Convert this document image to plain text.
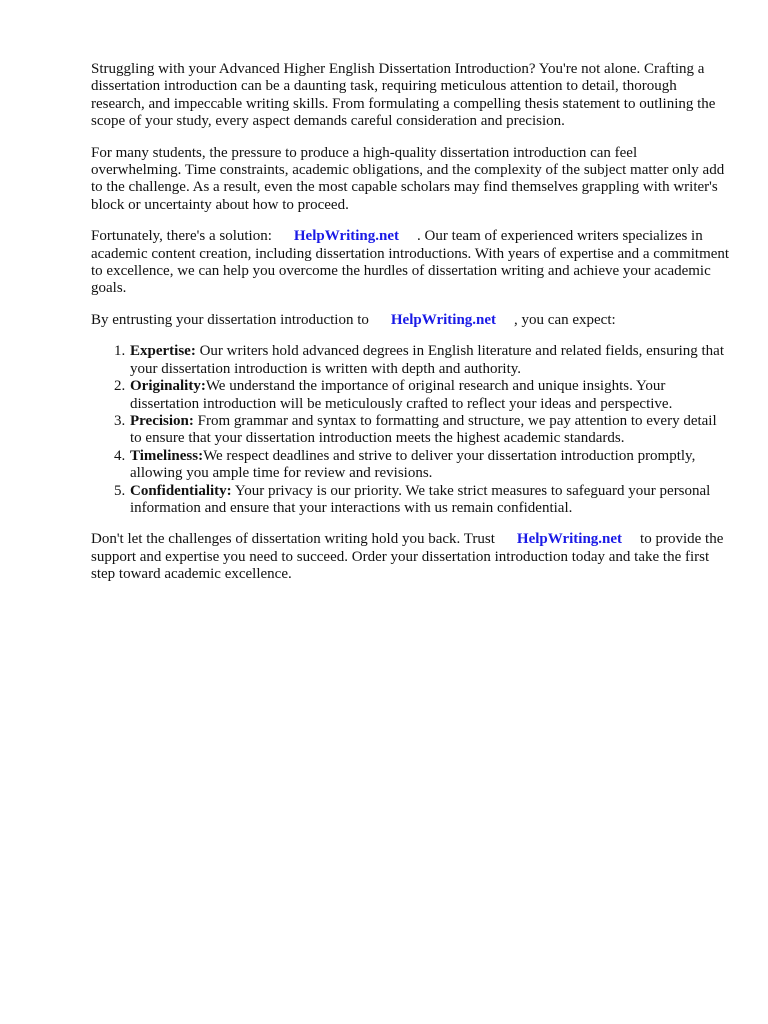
Struggling with your Advanced Higher English Dissertation Introduction? You're not alone. Crafting a dissertation introduction can be a daunting task, requiring meticulous attention to detail, thorough research, and impeccable writing skills. From formulating a compelling thesis statement to outlining the scope of your study, every aspect demands careful consideration and precision.

For many students, the pressure to produce a high-quality dissertation introduction can feel overwhelming. Time constraints, academic obligations, and the complexity of the subject matter only add to the challenge. As a result, even the most capable scholars may find themselves grappling with writer's block or uncertainty about how to proceed.

Fortunately, there's a solution: HelpWriting.net . Our team of experienced writers specializes in academic content creation, including dissertation introductions. With years of expertise and a commitment to excellence, we can help you overcome the hurdles of dissertation writing and achieve your academic goals.

By entrusting your dissertation introduction to HelpWriting.net , you can expect:

1. Expertise: Our writers hold advanced degrees in English literature and related fields, ensuring that your dissertation introduction is written with depth and authority.
2. Originality:We understand the importance of original research and unique insights. Your dissertation introduction will be meticulously crafted to reflect your ideas and perspective.
3. Precision: From grammar and syntax to formatting and structure, we pay attention to every detail to ensure that your dissertation introduction meets the highest academic standards.
4. Timeliness:We respect deadlines and strive to deliver your dissertation introduction promptly, allowing you ample time for review and revisions.
5. Confidentiality: Your privacy is our priority. We take strict measures to safeguard your personal information and ensure that your interactions with us remain confidential.

Don't let the challenges of dissertation writing hold you back. Trust HelpWriting.net to provide the support and expertise you need to succeed. Order your dissertation introduction today and take the first step toward academic excellence.
